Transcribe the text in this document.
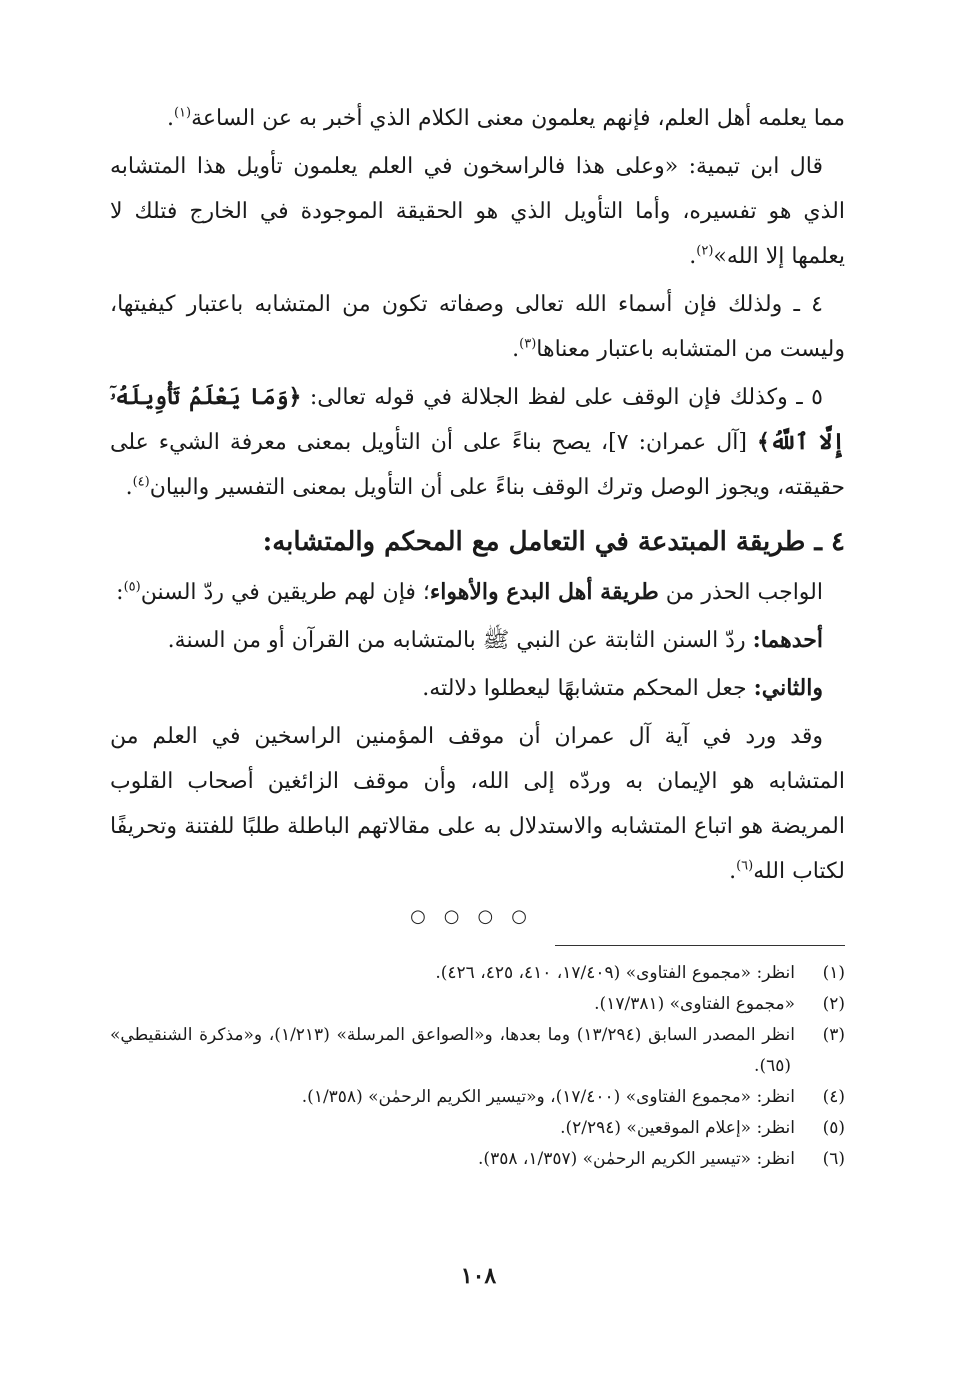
مما يعلمه أهل العلم، فإنهم يعلمون معنى الكلام الذي أخبر به عن الساعة$^{(١)}$.

 قال ابن تيمية: «وعلى هذا فالراسخون في العلم يعلمون تأويل هذا المتشابه الذي هو تفسيره، وأما التأويل الذي هو الحقيقة الموجودة في الخارج فتلك لا يعلمها إلا الله»$^{(٢)}$.

 ٤ ـ ولذلك فإن أسماء الله تعالى وصفاته تكون من المتشابه باعتبار كيفيتها، وليست من المتشابه باعتبار معناها$^{(٣)}$.

 ٥ ـ وكذلك فإن الوقف على لفظ الجلالة في قوله تعالى: ﴿وَمَا يَعْلَمُ تَأْوِيلَهُۥٓ إِلَّا ٱللَّهُ﴾ [آل عمران: ٧]، يصح بناءً على أن التأويل بمعنى معرفة الشيء على حقيقته، ويجوز الوصل وترك الوقف بناءً على أن التأويل بمعنى التفسير والبيان$^{(٤)}$.

٤ ـ طريقة المبتدعة في التعامل مع المحكم والمتشابه:

 الواجب الحذر من طريقة أهل البدع والأهواء؛ فإن لهم طريقين في ردّ السنن$^{(٥)}$:

 أحدهما: ردّ السنن الثابتة عن النبي ﷺ بالمتشابه من القرآن أو من السنة.

 والثاني: جعل المحكم متشابهًا ليعطلوا دلالته.

 وقد ورد في آية آل عمران أن موقف المؤمنين الراسخين في العلم من المتشابه هو الإيمان به وردّه إلى الله، وأن موقف الزائغين أصحاب القلوب المريضة هو اتباع المتشابه والاستدلال به على مقالاتهم الباطلة طلبًا للفتنة وتحريفًا لكتاب الله$^{(٦)}$.

○○○○

(١)انظر: «مجموع الفتاوى» (١٧/٤٠٩، ٤١٠، ٤٢٥، ٤٢٦).

(٢)«مجموع الفتاوى» (١٧/٣٨١).

(٣)انظر المصدر السابق (١٣/٢٩٤) وما بعدها، و«الصواعق المرسلة» (١/٢١٣)، و«مذكرة الشنقيطي» (٦٥).

(٤)انظر: «مجموع الفتاوى» (١٧/٤٠٠)، و«تيسير الكريم الرحمٰن» (١/٣٥٨).

(٥)انظر: «إعلام الموقعين» (٢/٢٩٤).

(٦)انظر: «تيسير الكريم الرحمٰن» (١/٣٥٧، ٣٥٨).

١٠٨
